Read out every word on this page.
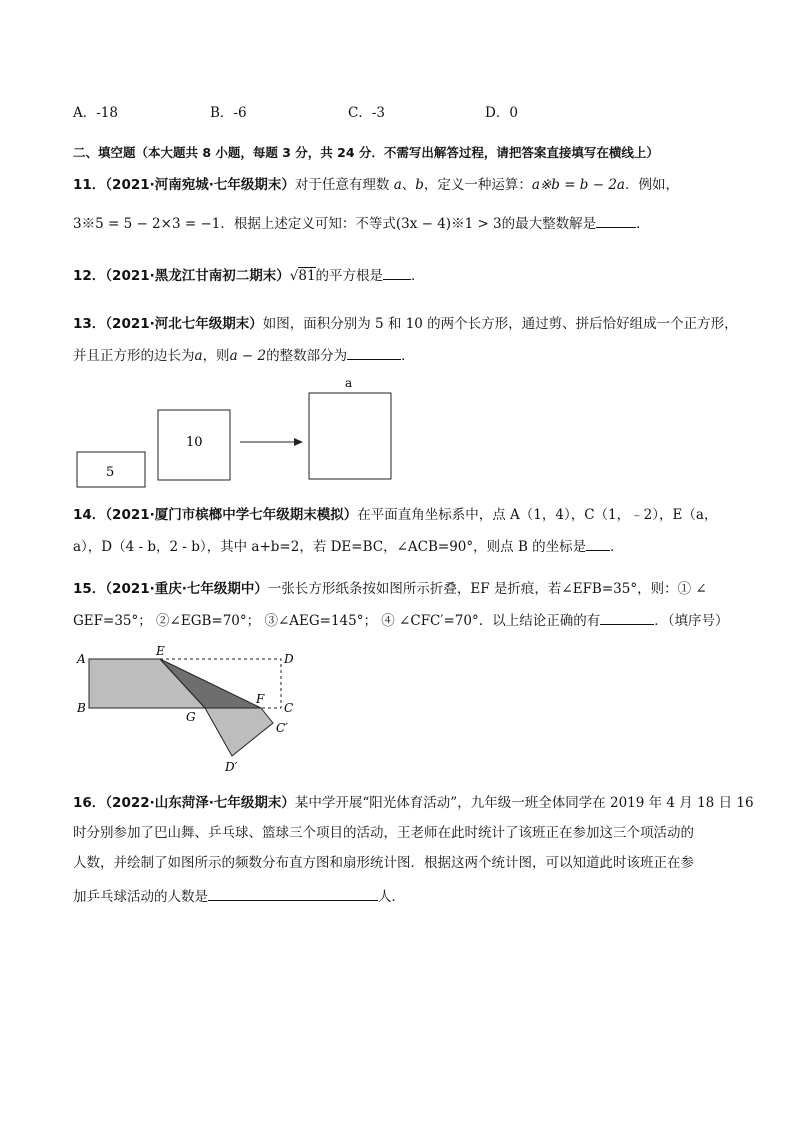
A．-18	B．-6	C．-3	D．0
二、填空题（本大题共 8 小题，每题 3 分，共 24 分．不需写出解答过程，请把答案直接填写在横线上）
11．（2021·河南宛城·七年级期末）对于任意有理数 a、b，定义一种运算：a※b = b − 2a．例如，
3※5 = 5 − 2×3 = −1．根据上述定义可知：不等式(3x − 4)※1 > 3的最大整数解是	．
12．（2021·黑龙江甘南初二期末）√81的平方根是 ．
13．（2021·河北七年级期末）如图，面积分别为 5 和 10 的两个长方形，通过剪、拼后恰好组成一个正方形，
并且正方形的边长为a，则a − 2的整数部分为	．
5
10
a
14．（2021·厦门市槟榔中学七年级期末模拟）在平面直角坐标系中，点 A（1，4），C（1，﹣2），E（a，
a），D（4 - b，2 - b），其中 a+b=2，若 DE=BC，∠ACB=90°，则点 B 的坐标是 ．
15．（2021·重庆·七年级期中）一张长方形纸条按如图所示折叠，EF 是折痕，若∠EFB=35°，则：① ∠
GEF=35°； ②∠EGB=70°； ③∠AEG=145°； ④ ∠CFC′=70°．以上结论正确的有	．（填序号）
A
B
E
D
F
C
G
C′
D′
16．（2022·山东菏泽·七年级期末）某中学开展“阳光体育活动”，九年级一班全体同学在 2019 年 4 月 18 日 16
时分别参加了巴山舞、乒乓球、篮球三个项目的活动，王老师在此时统计了该班正在参加这三个项活动的
人数，并绘制了如图所示的频数分布直方图和扇形统计图．根据这两个统计图，可以知道此时该班正在参
加乒乓球活动的人数是	人．
